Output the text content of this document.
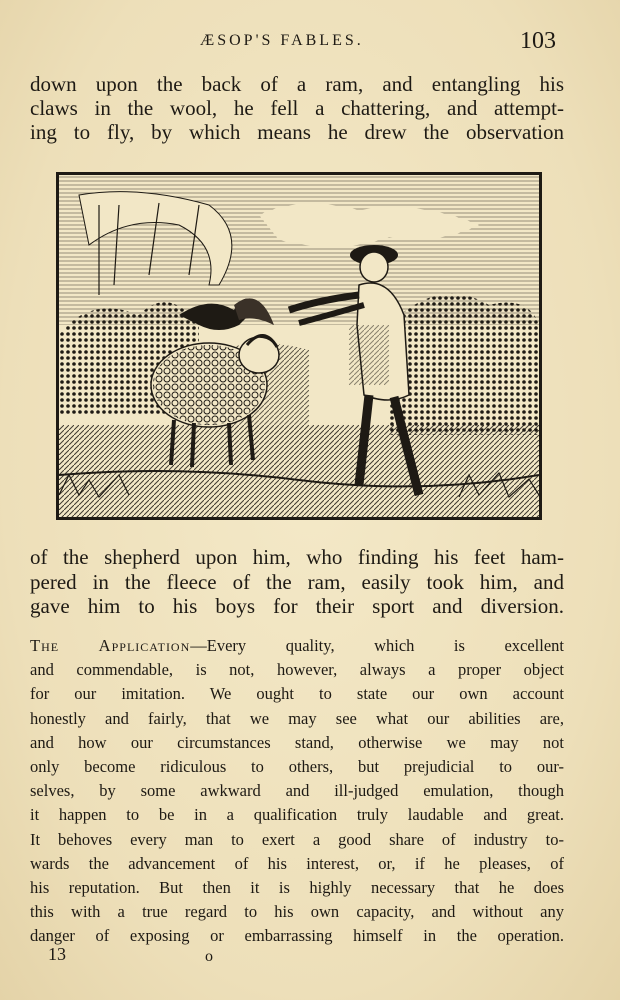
ÆSOP'S FABLES.	103
down upon the back of a ram, and entangling his
claws in the wool, he fell a chattering, and attempt-
ing to fly, by which means he drew the observation
of the shepherd upon him, who finding his feet ham-
pered in the fleece of the ram, easily took him, and
gave him to his boys for their sport and diversion.
The Application—Every quality, which is excellent
and commendable, is not, however, always a proper object
for our imitation. We ought to state our own account
honestly and fairly, that we may see what our abilities are,
and how our circumstances stand, otherwise we may not
only become ridiculous to others, but prejudicial to our-
selves, by some awkward and ill-judged emulation, though
it happen to be in a qualification truly laudable and great.
It behoves every man to exert a good share of industry to-
wards the advancement of his interest, or, if he pleases, of
his reputation. But then it is highly necessary that he does
this with a true regard to his own capacity, and without any
danger of exposing or embarrassing himself in the operation.
13	o
